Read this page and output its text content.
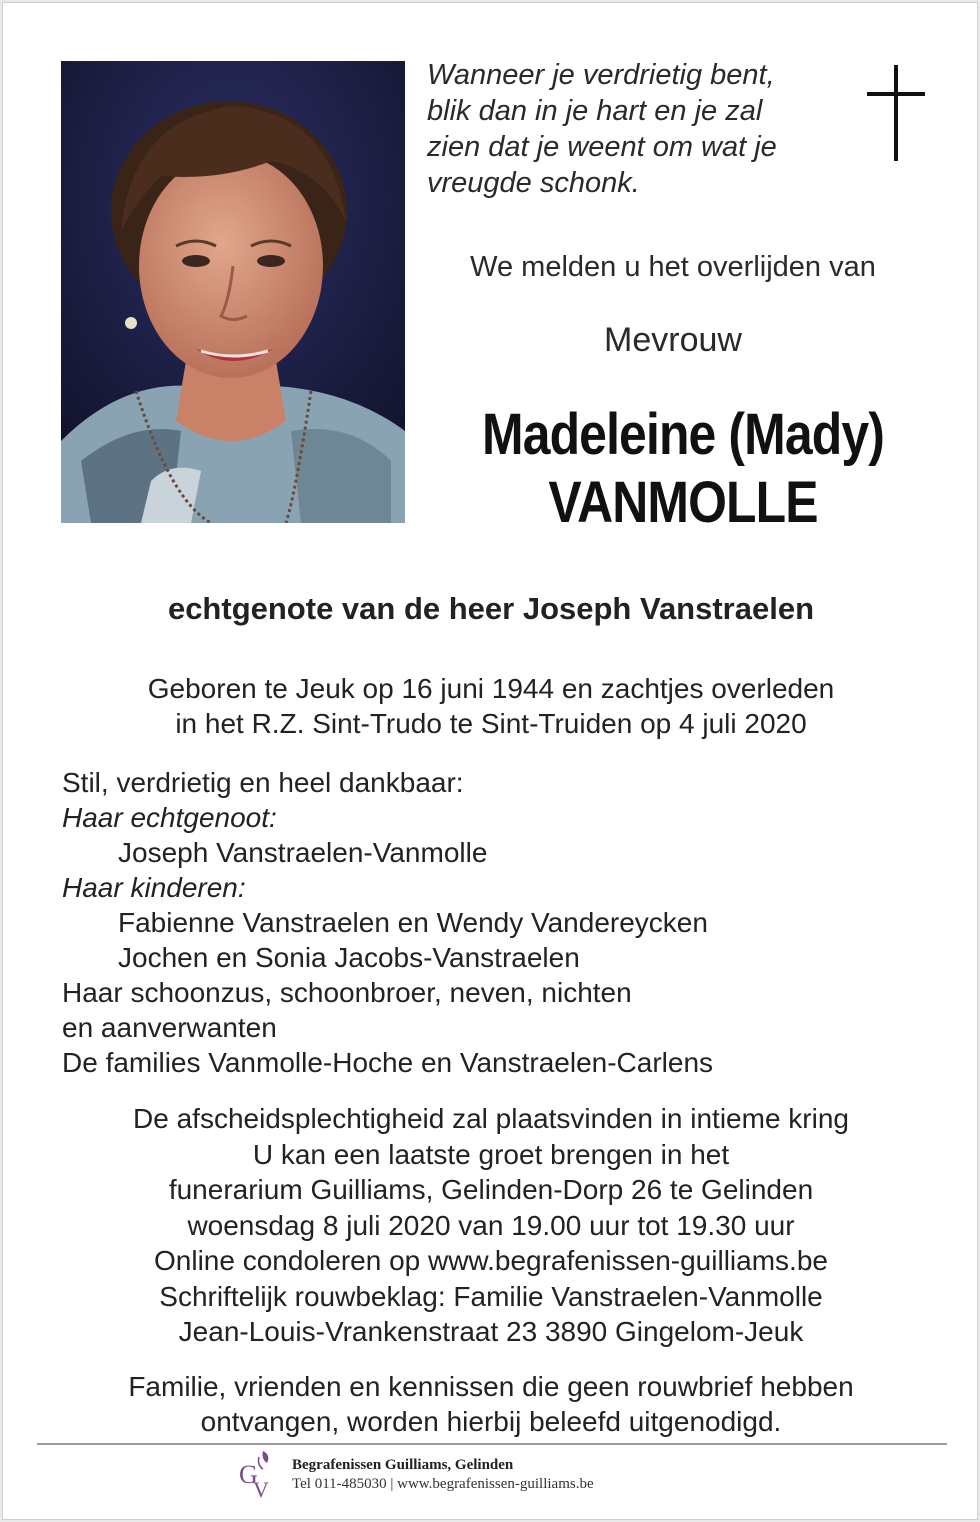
Wanneer je verdrietig bent,
blik dan in je hart en je zal
zien dat je weent om wat je
vreugde schonk.
We melden u het overlijden van
Mevrouw
Madeleine (Mady)
VANMOLLE
echtgenote van de heer Joseph Vanstraelen
Geboren te Jeuk op 16 juni 1944 en zachtjes overleden
in het R.Z. Sint-Trudo te Sint-Truiden op 4 juli 2020
Stil, verdrietig en heel dankbaar:
Haar echtgenoot:
Joseph Vanstraelen-Vanmolle
Haar kinderen:
Fabienne Vanstraelen en Wendy Vandereycken
Jochen en Sonia Jacobs-Vanstraelen
Haar schoonzus, schoonbroer, neven, nichten
en aanverwanten
De families Vanmolle-Hoche en Vanstraelen-Carlens
De afscheidsplechtigheid zal plaatsvinden in intieme kring
U kan een laatste groet brengen in het
funerarium Guilliams, Gelinden-Dorp 26 te Gelinden
woensdag 8 juli 2020 van 19.00 uur tot 19.30 uur
Online condoleren op www.begrafenissen-guilliams.be
Schriftelijk rouwbeklag: Familie Vanstraelen-Vanmolle
Jean-Louis-Vrankenstraat 23 3890 Gingelom-Jeuk
Familie, vrienden en kennissen die geen rouwbrief hebben
ontvangen, worden hierbij beleefd uitgenodigd.
G
V
Begrafenissen Guilliams, Gelinden
Tel 011-485030 | www.begrafenissen-guilliams.be
